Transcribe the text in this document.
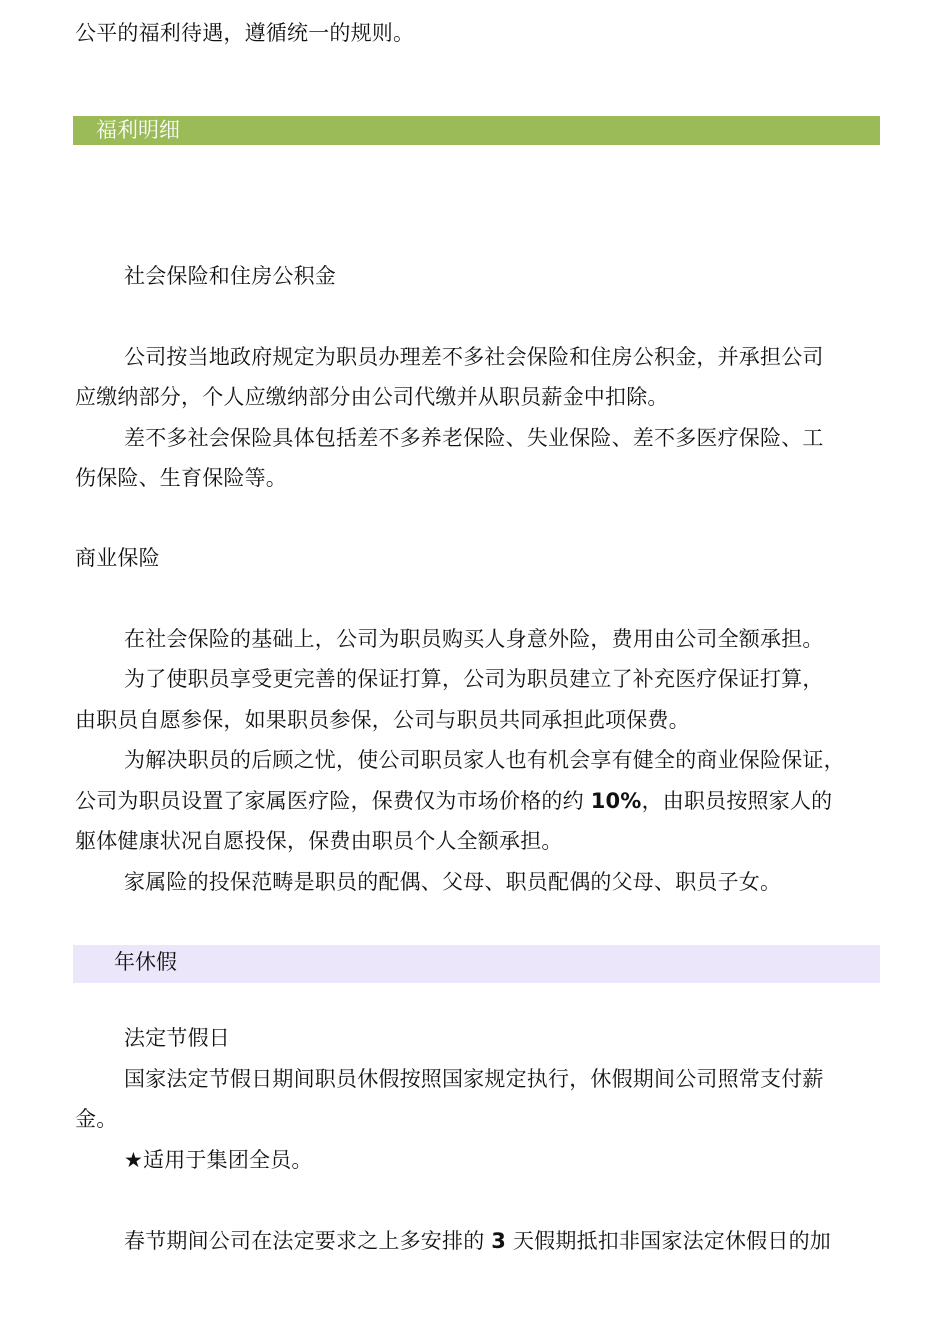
公平的福利待遇，遵循统一的规则。
福利明细
社会保险和住房公积金
公司按当地政府规定为职员办理差不多社会保险和住房公积金，并承担公司
应缴纳部分，个人应缴纳部分由公司代缴并从职员薪金中扣除。
差不多社会保险具体包括差不多养老保险、失业保险、差不多医疗保险、工
伤保险、生育保险等。
商业保险
在社会保险的基础上，公司为职员购买人身意外险，费用由公司全额承担。
为了使职员享受更完善的保证打算，公司为职员建立了补充医疗保证打算，
由职员自愿参保，如果职员参保，公司与职员共同承担此项保费。
为解决职员的后顾之忧，使公司职员家人也有机会享有健全的商业保险保证，
公司为职员设置了家属医疗险，保费仅为市场价格的约 10%，由职员按照家人的
躯体健康状况自愿投保，保费由职员个人全额承担。
家属险的投保范畴是职员的配偶、父母、职员配偶的父母、职员子女。
年休假
法定节假日
国家法定节假日期间职员休假按照国家规定执行，休假期间公司照常支付薪
金。
★适用于集团全员。
春节期间公司在法定要求之上多安排的 3 天假期抵扣非国家法定休假日的加
